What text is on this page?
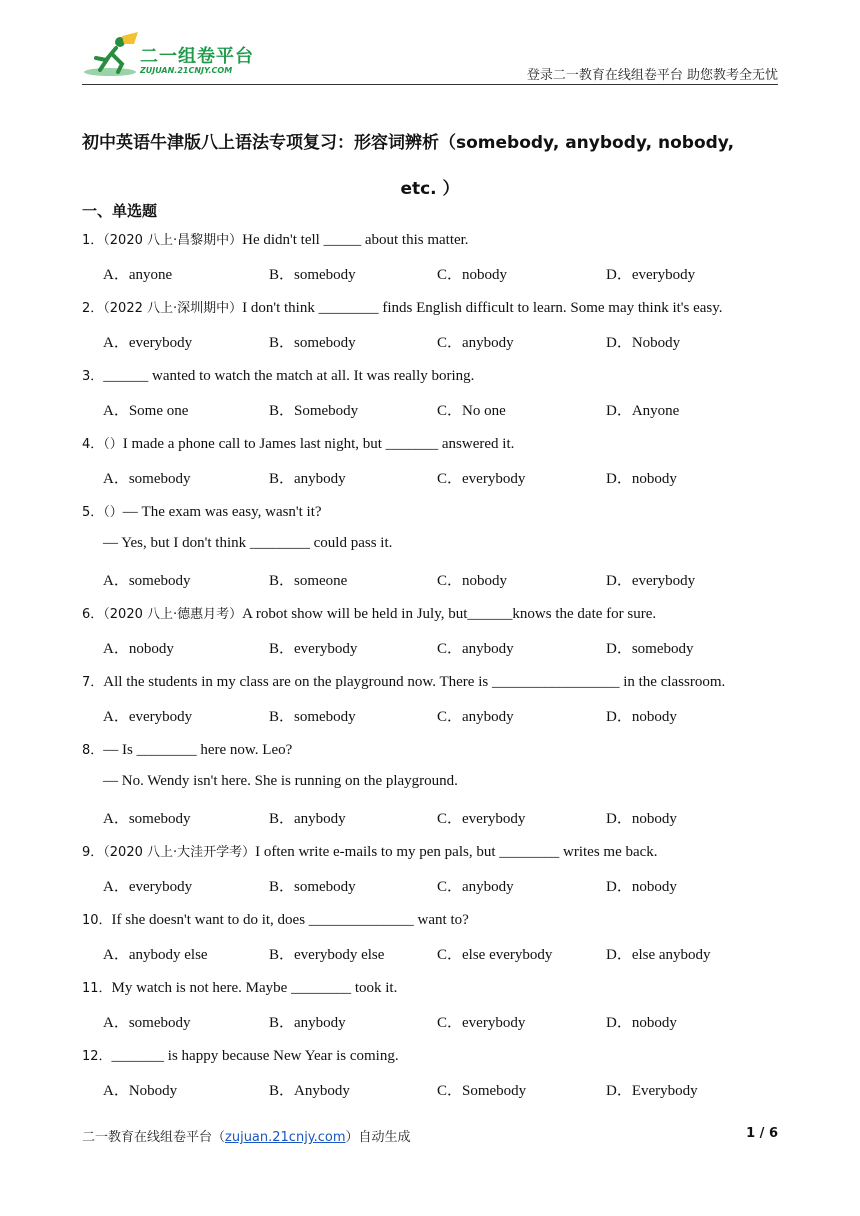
二一组卷平台
ZUJUAN.21CNJY.COM	登录二一教育在线组卷平台 助您教考全无忧
初中英语牛津版八上语法专项复习：形容词辨析（somebody, anybody, nobody,
etc. ）
一、单选题
1．（2020 八上·昌黎期中）He didn't tell _____ about this matter.
A．anyone	B．somebody	C．nobody	D．everybody
2．（2022 八上·深圳期中）I don't think ________ finds English difficult to learn. Some may think it's easy.
A．everybody	B．somebody	C．anybody	D．Nobody
3．______ wanted to watch the match at all. It was really boring.
A．Some one	B．Somebody	C．No one	D．Anyone
4．（）I made a phone call to James last night, but _______ answered it.
A．somebody	B．anybody	C．everybody	D．nobody
5．（）— The exam was easy, wasn't it?
— Yes, but I don't think ________ could pass it.
A．somebody	B．someone	C．nobody	D．everybody
6．（2020 八上·德惠月考）A robot show will be held in July, but______knows the date for sure.
A．nobody	B．everybody	C．anybody	D．somebody
7．All the students in my class are on the playground now. There is _________________ in the classroom.
A．everybody	B．somebody	C．anybody	D．nobody
8．— Is ________ here now. Leo?
— No. Wendy isn't here. She is running on the playground.
A．somebody	B．anybody	C．everybody	D．nobody
9．（2020 八上·大洼开学考）I often write e-mails to my pen pals, but ________ writes me back.
A．everybody	B．somebody	C．anybody	D．nobody
10．If she doesn't want to do it, does ______________ want to?
A．anybody else	B．everybody else	C．else everybody	D．else anybody
11．My watch is not here. Maybe ________ took it.
A．somebody	B．anybody	C．everybody	D．nobody
12．_______ is happy because New Year is coming.
A．Nobody	B．Anybody	C．Somebody	D．Everybody
二一教育在线组卷平台（zujuan.21cnjy.com）自动生成	1 / 6
